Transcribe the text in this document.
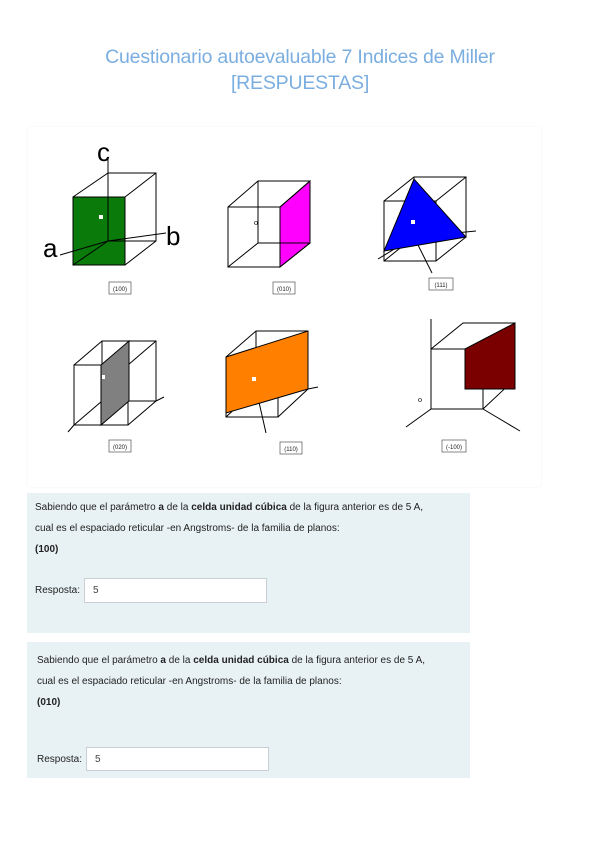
Cuestionario autoevaluable 7 Indices de Miller
[RESPUESTAS]
c
a	b
(100)
o
(010)
(111)
(020)	(110)
o
(-100)
Sabiendo que el parámetro a de la celda unidad cúbica de la figura anterior es de 5 A,
cual es el espaciado reticular -en Angstroms- de la familia de planos:

(100)
Resposta:
5
Sabiendo que el parámetro a de la celda unidad cúbica de la figura anterior es de 5 A,
cual es el espaciado reticular -en Angstroms- de la familia de planos:

(010)
Resposta:
5
